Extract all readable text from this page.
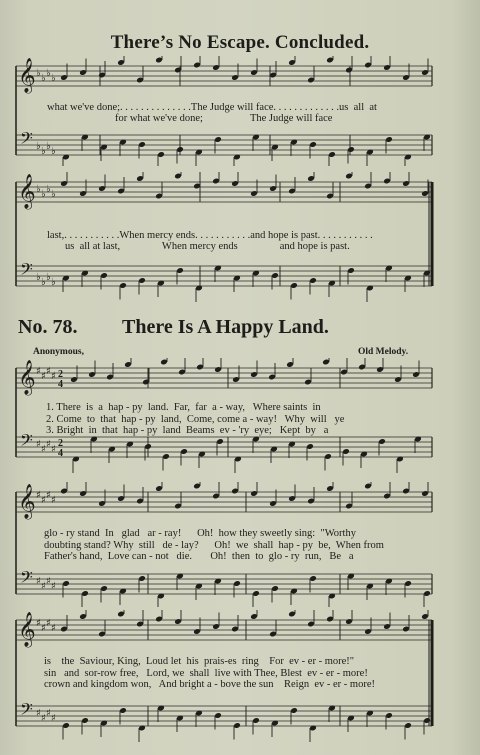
There’s No Escape. Concluded.
𝄞
𝄢
♭ ♭ ♭ ♭
♭ ♭ ♭ ♭
what we've done;. . . . . . . . . . . . . .The Judge will face. . . . . . . . . . . . .us  all  at
for what we've done;                  The Judge will face
𝄞
𝄢
♭ ♭ ♭ ♭
♭ ♭ ♭ ♭
last,. . . . . . . . . . .When mercy ends. . . . . . . . . . .and hope is past. . . . . . . . . . .
us  all at last,                When mercy ends                and hope is past.
No. 78. There Is A Happy Land.
Anonymous,	Old Melody.
𝄞
𝄢
♯ ♯ ♯ ♯
♯ ♯ ♯ ♯
2
4
2
4
1. There  is  a  hap - py  land.  Far,  far  a - way,   Where saints  in
2. Come  to  that  hap - py  land,  Come, come a - way!   Why  will   ye
3. Bright  in  that  hap - py  land  Beams  ev - 'ry  eye;   Kept  by   a
𝄞
𝄢
♯ ♯ ♯ ♯
♯ ♯ ♯ ♯
glo - ry stand  In   glad   ar - ray!      Oh!  how they sweetly sing:  "Worthy
doubting stand? Why  still   de - lay?      Oh!  we  shall  hap - py  be,  When from
Father's hand,  Love can - not   die.       Oh!  then  to  glo - ry  run,   Be   a
𝄞
𝄢
♯ ♯ ♯ ♯
♯ ♯ ♯ ♯
is    the  Saviour, King,  Loud let  his  prais-es  ring    For  ev - er - more!"
sin   and  sor-row free,   Lord, we  shall  live with Thee, Blest  ev - er - more!
crown and kingdom won,   And bright a - bove the sun    Reign  ev - er - more!
